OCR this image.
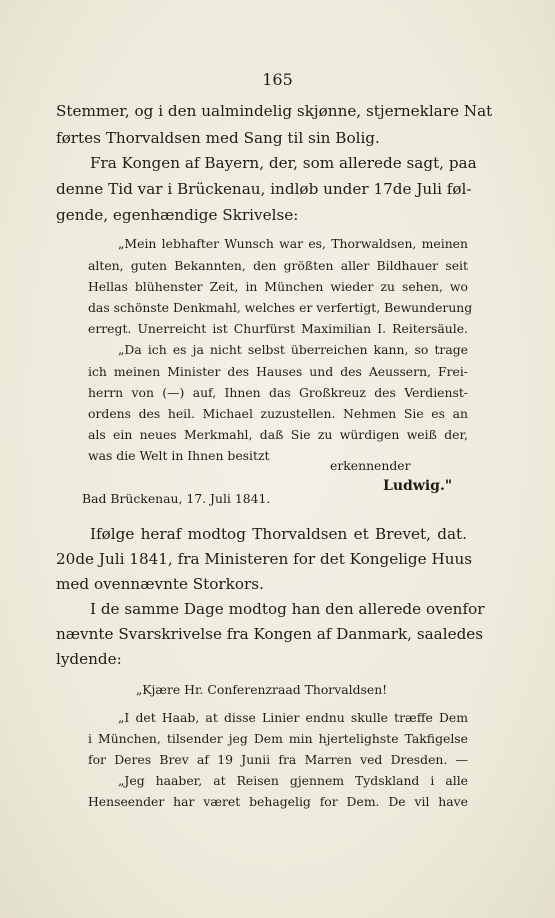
165
Stemmer, og i den ualmindelig skjønne, stjerneklare Nat
førtes Thorvaldsen med Sang til sin Bolig.
Fra Kongen af Bayern, der, som allerede sagt, paa
denne Tid var i Brückenau, indløb under 17de Juli føl-
gende, egenhændige Skrivelse:
„Mein lebhafter Wunsch war es, Thorwaldsen, meinen
alten, guten Bekannten, den größten aller Bildhauer seit
Hellas blühenster Zeit, in München wieder zu sehen, wo
das schönste Denkmahl, welches er verfertigt, Bewunderung
erregt. Unerreicht ist Churfürst Maximilian I. Reitersäule.
„Da ich es ja nicht selbst überreichen kann, so trage
ich meinen Minister des Hauses und des Aeussern, Frei-
herrn von (—) auf, Ihnen das Großkreuz des Verdienst-
ordens des heil. Michael zuzustellen. Nehmen Sie es an
als ein neues Merkmahl, daß Sie zu würdigen weiß der,
was die Welt in Ihnen besitzt
erkennender
Ludwig."
Bad Brückenau, 17. Juli 1841.
Ifølge heraf modtog Thorvaldsen et Brevet, dat.
20de Juli 1841, fra Ministeren for det Kongelige Huus
med ovennævnte Storkors.
I de samme Dage modtog han den allerede ovenfor
nævnte Svarskrivelse fra Kongen af Danmark, saaledes
lydende:
„Kjære Hr. Conferenzraad Thorvaldsen!
„I det Haab, at disse Linier endnu skulle træffe Dem
i München, tilsender jeg Dem min hjertelighste Takfigelse
for Deres Brev af 19 Junii fra Marren ved Dresden. —
„Jeg haaber, at Reisen gjennem Tydskland i alle
Henseender har været behagelig for Dem. De vil have
